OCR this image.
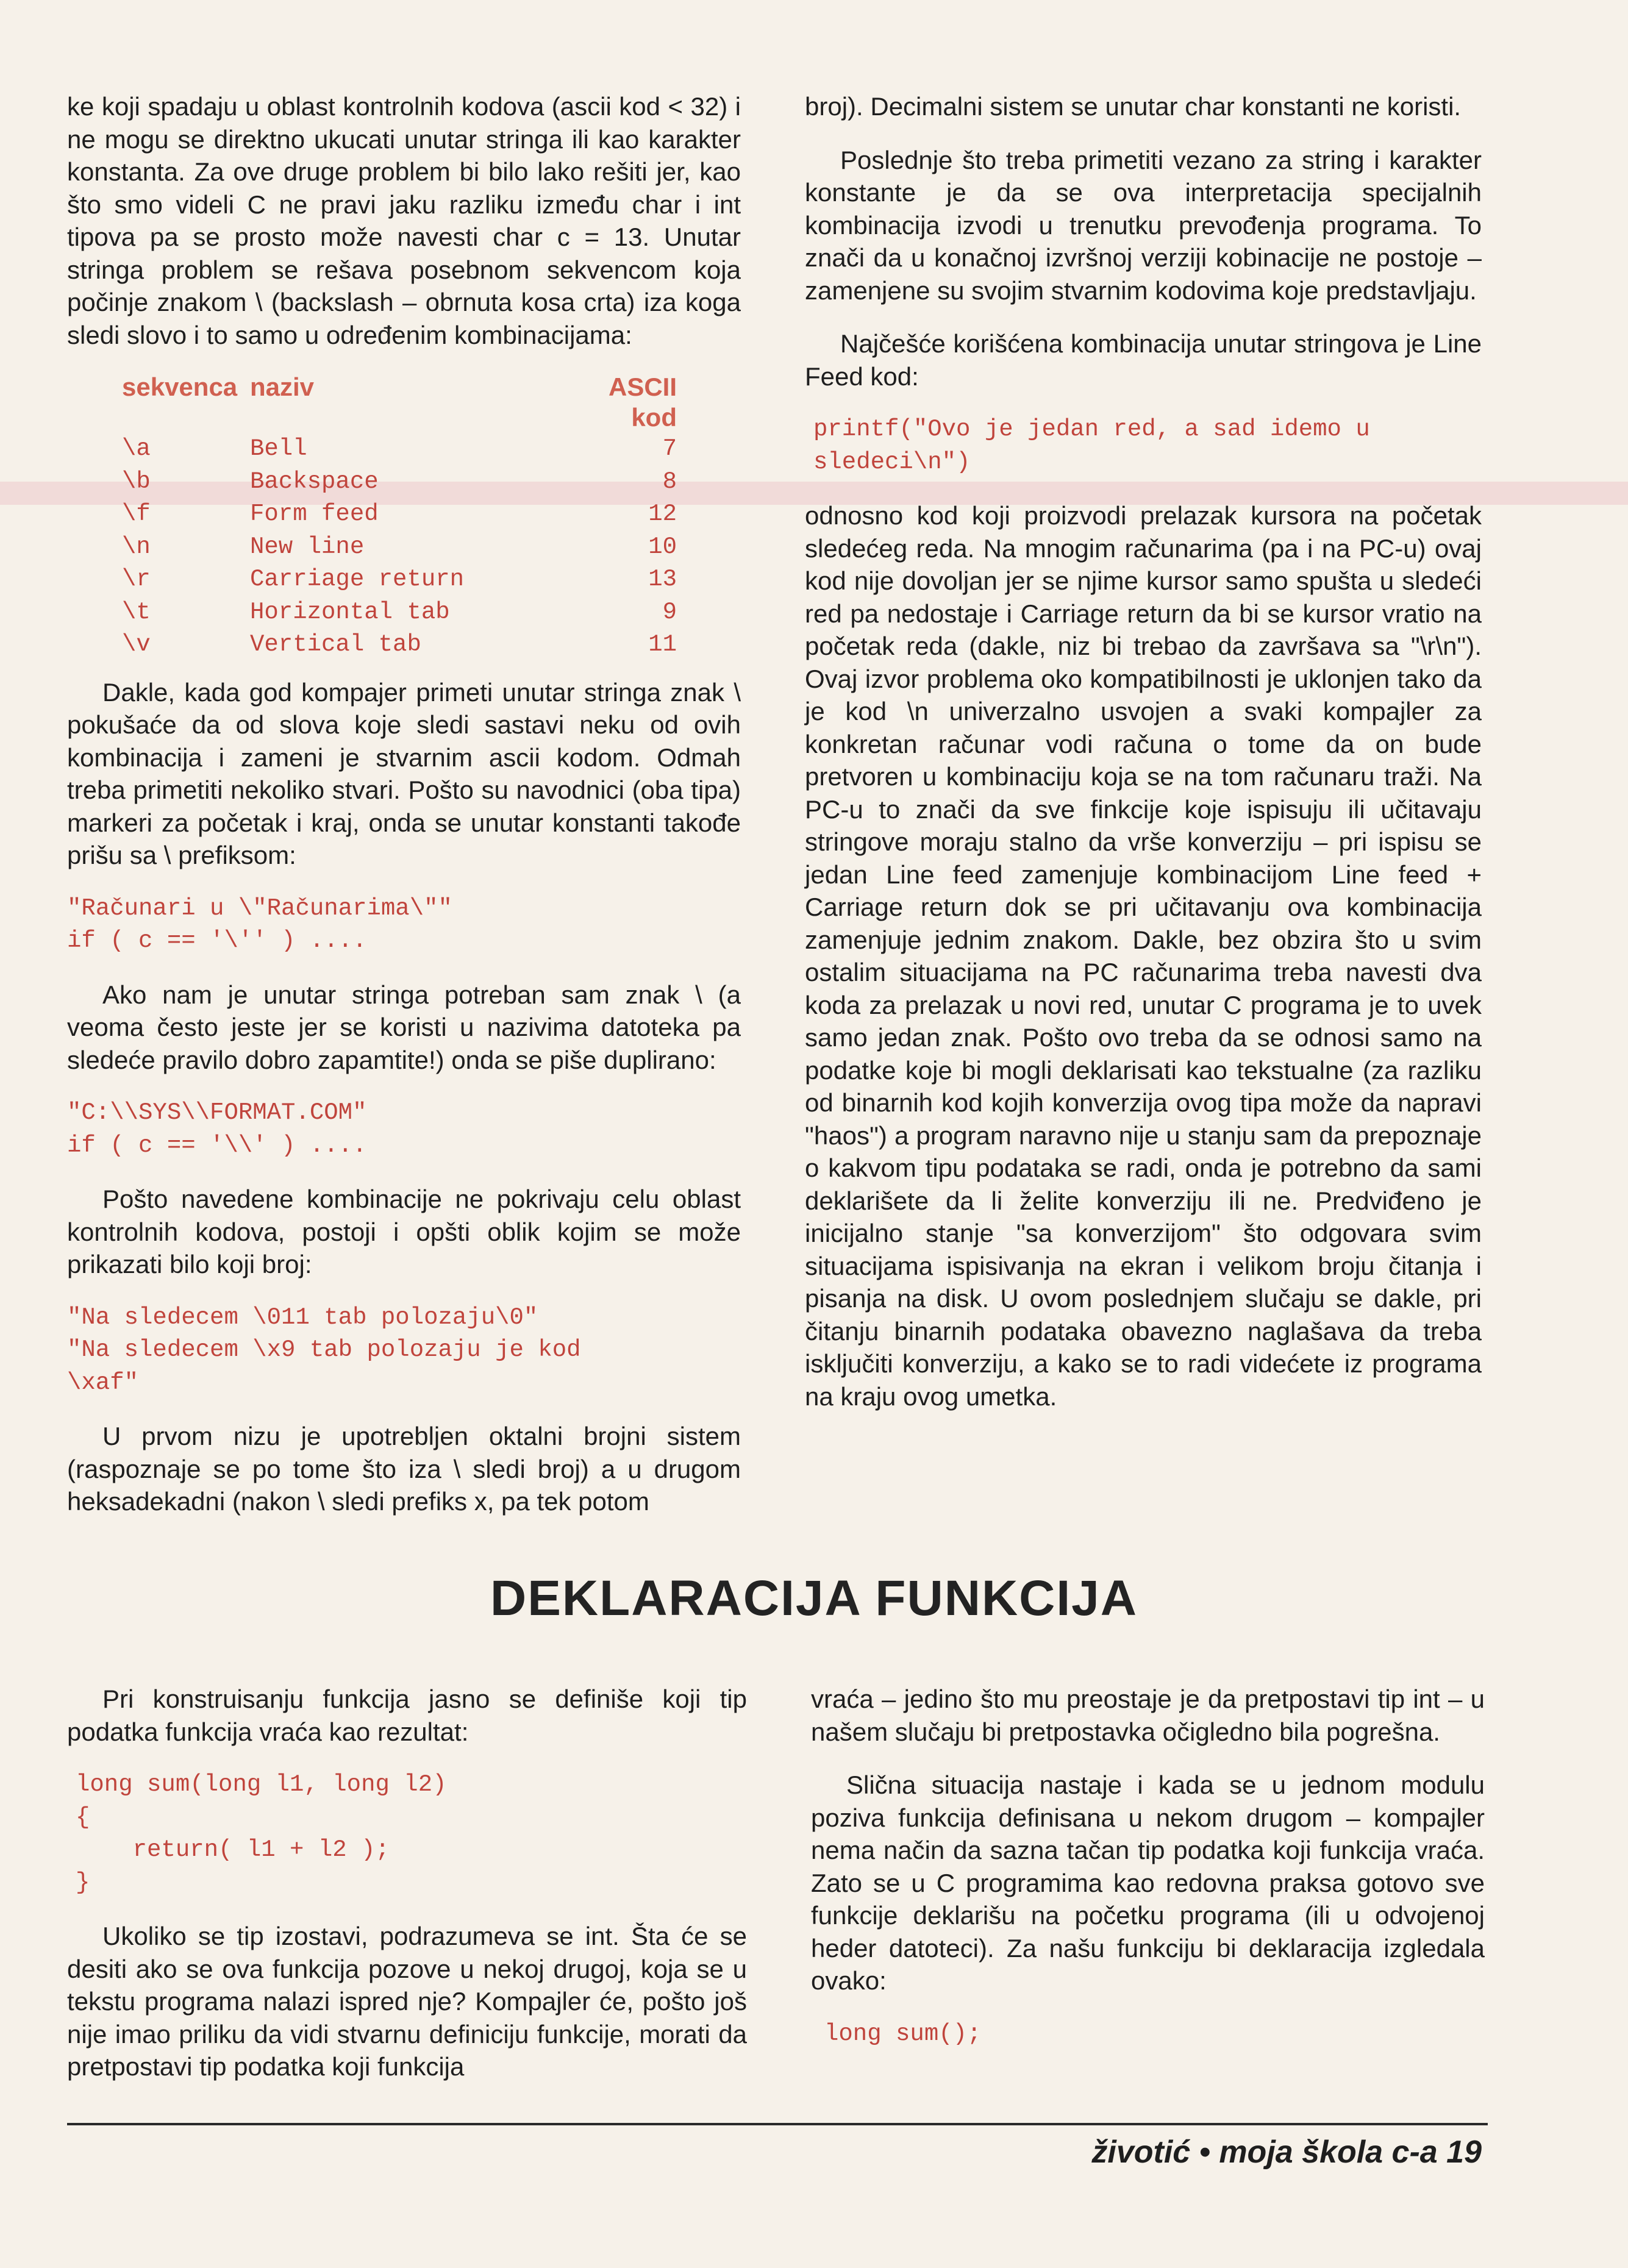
ke koji spadaju u oblast kontrolnih kodova (ascii kod < 32) i ne mogu se direktno ukucati unutar stringa ili kao karakter konstanta. Za ove druge problem bi bilo lako rešiti jer, kao što smo videli C ne pravi jaku razliku između char i int tipova pa se prosto može navesti char c = 13. Unutar stringa problem se rešava posebnom sekvencom koja počinje znakom \ (backslash – obrnuta kosa crta) iza koga sledi slovo i to samo u određenim kombinacijama:

sekvenca naziv	ASCII kod
\a	Bell	7
\b	Backspace	8
\f	Form feed	12
\n	New line	10
\r	Carriage return	13
\t	Horizontal tab	9
\v	Vertical tab	11

Dakle, kada god kompajer primeti unutar stringa znak \ pokušaće da od slova koje sledi sastavi neku od ovih kombinacija i zameni je stvarnim ascii kodom. Odmah treba primetiti nekoliko stvari. Pošto su navodnici (oba tipa) markeri za početak i kraj, onda se unutar konstanti takođe prišu sa \ prefiksom:

"Računari u \"Računarima\""
if ( c == '\'' ) ....

Ako nam je unutar stringa potreban sam znak \ (a veoma često jeste jer se koristi u nazivima datoteka pa sledeće pravilo dobro zapamtite!) onda se piše duplirano:

"C:\\SYS\\FORMAT.COM"
if ( c == '\\' ) ....

Pošto navedene kombinacije ne pokrivaju celu oblast kontrolnih kodova, postoji i opšti oblik kojim se može prikazati bilo koji broj:

"Na sledecem \011 tab polozaju\0"
"Na sledecem \x9 tab polozaju je kod
\xaf"

U prvom nizu je upotrebljen oktalni brojni sistem (raspoznaje se po tome što iza \ sledi broj) a u drugom heksadekadni (nakon \ sledi prefiks x, pa tek potom

broj). Decimalni sistem se unutar char konstanti ne koristi.

Poslednje što treba primetiti vezano za string i karakter konstante je da se ova interpretacija specijalnih kombinacija izvodi u trenutku prevođenja programa. To znači da u konačnoj izvršnoj verziji kobinacije ne postoje – zamenjene su svojim stvarnim kodovima koje predstavljaju.

Najčešće korišćena kombinacija unutar stringova je Line Feed kod:

printf("Ovo je jedan red, a sad idemo u
sledeci\n")

odnosno kod koji proizvodi prelazak kursora na početak sledećeg reda. Na mnogim računarima (pa i na PC-u) ovaj kod nije dovoljan jer se njime kursor samo spušta u sledeći red pa nedostaje i Carriage return da bi se kursor vratio na početak reda (dakle, niz bi trebao da završava sa "\r\n"). Ovaj izvor problema oko kompatibilnosti je uklonjen tako da je kod \n univerzalno usvojen a svaki kompajler za konkretan računar vodi računa o tome da on bude pretvoren u kombinaciju koja se na tom računaru traži. Na PC-u to znači da sve finkcije koje ispisuju ili učitavaju stringove moraju stalno da vrše konverziju – pri ispisu se jedan Line feed zamenjuje kombinacijom Line feed + Carriage return dok se pri učitavanju ova kombinacija zamenjuje jednim znakom. Dakle, bez obzira što u svim ostalim situacijama na PC računarima treba navesti dva koda za prelazak u novi red, unutar C programa je to uvek samo jedan znak. Pošto ovo treba da se odnosi samo na podatke koje bi mogli deklarisati kao tekstualne (za razliku od binarnih kod kojih konverzija ovog tipa može da napravi "haos") a program naravno nije u stanju sam da prepoznaje o kakvom tipu podataka se radi, onda je potrebno da sami deklarišete da li želite konverziju ili ne. Predviđeno je inicijalno stanje "sa konverzijom" što odgovara svim situacijama ispisivanja na ekran i velikom broju čitanja i pisanja na disk. U ovom poslednjem slučaju se dakle, pri čitanju binarnih podataka obavezno naglašava da treba isključiti konverziju, a kako se to radi videćete iz programa na kraju ovog umetka.

DEKLARACIJA FUNKCIJA

Pri konstruisanju funkcija jasno se definiše koji tip podatka funkcija vraća kao rezultat:

long sum(long l1, long l2)
{
return( l1 + l2 );
}

Ukoliko se tip izostavi, podrazumeva se int. Šta će se desiti ako se ova funkcija pozove u nekoj drugoj, koja se u tekstu programa nalazi ispred nje? Kompajler će, pošto još nije imao priliku da vidi stvarnu definiciju funkcije, morati da pretpostavi tip podatka koji funkcija

vraća – jedino što mu preostaje je da pretpostavi tip int – u našem slučaju bi pretpostavka očigledno bila pogrešna.

Slična situacija nastaje i kada se u jednom modulu poziva funkcija definisana u nekom drugom – kompajler nema način da sazna tačan tip podatka koji funkcija vraća. Zato se u C programima kao redovna praksa gotovo sve funkcije deklarišu na početku programa (ili u odvojenoj heder datoteci). Za našu funkciju bi deklaracija izgledala ovako:

long sum();
životić • moja škola c-a 19
